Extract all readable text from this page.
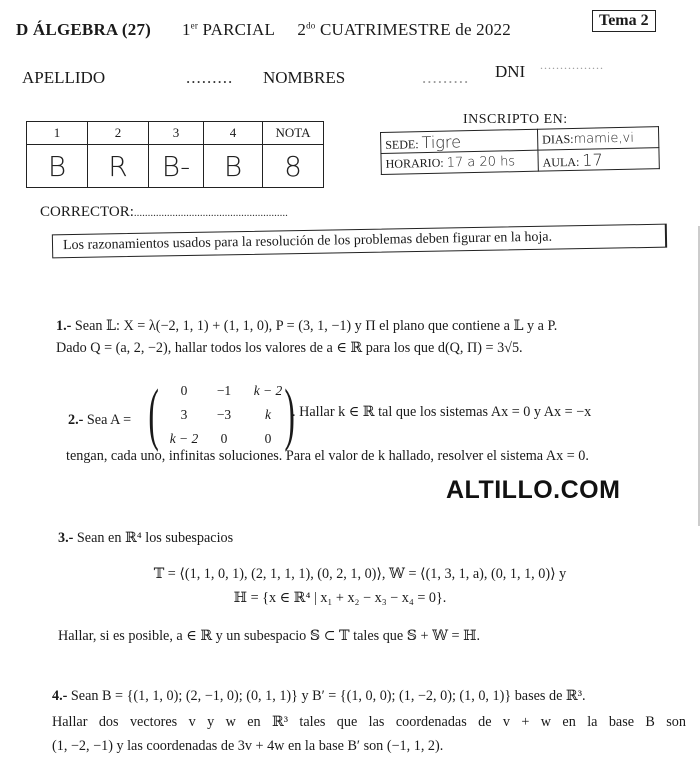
D ÁLGEBRA (27) 1er PARCIAL $2^{do}$ CUATRIMESTRE de 2022	Tema 2
APELLIDO	......... NOMBRES	......... DNI ................
1	2	3	4	NOTA
B	R	B-	B	8
INSCRIPTO EN:
SEDE: Tigre	DIAS:mamie,vi
HORARIO: 17 a 20 hs	AULA: 17
CORRECTOR:........................................................
Los razonamientos usados para la resolución de los problemas deben figurar en la hoja.
1.- Sean 𝕃: X = λ(−2, 1, 1) + (1, 1, 0), P = (3, 1, −1) y Π el plano que contiene a 𝕃 y a P.
Dado Q = (a, 2, −2), hallar todos los valores de a ∈ ℝ para los que d(Q, Π) = 3√5.
2.- Sea A = (	0	−1	k − 2
3	−3	k
k − 2	0	0 )
. Hallar k ∈ ℝ tal que los sistemas Ax = 0 y Ax = −x
tengan, cada uno, infinitas soluciones. Para el valor de k hallado, resolver el sistema Ax = 0.
ALTILLO.COM
3.- Sean en ℝ⁴ los subespacios
𝕋 = ⟨(1, 1, 0, 1), (2, 1, 1, 1), (0, 2, 1, 0)⟩, 𝕎 = ⟨(1, 3, 1, a), (0, 1, 1, 0)⟩ y
ℍ = {x ∈ ℝ⁴ | x₁ + x₂ − x₃ − x₄ = 0}.
Hallar, si es posible, a ∈ ℝ y un subespacio 𝕊 ⊂ 𝕋 tales que 𝕊 + 𝕎 = ℍ.
4.- Sean B = {(1, 1, 0); (2, −1, 0); (0, 1, 1)} y B′ = {(1, 0, 0); (1, −2, 0); (1, 0, 1)} bases de ℝ³.
Hallar dos vectores v y w en ℝ³ tales que las coordenadas de v + w en la base B son
(1, −2, −1) y las coordenadas de 3v + 4w en la base B′ son (−1, 1, 2).
